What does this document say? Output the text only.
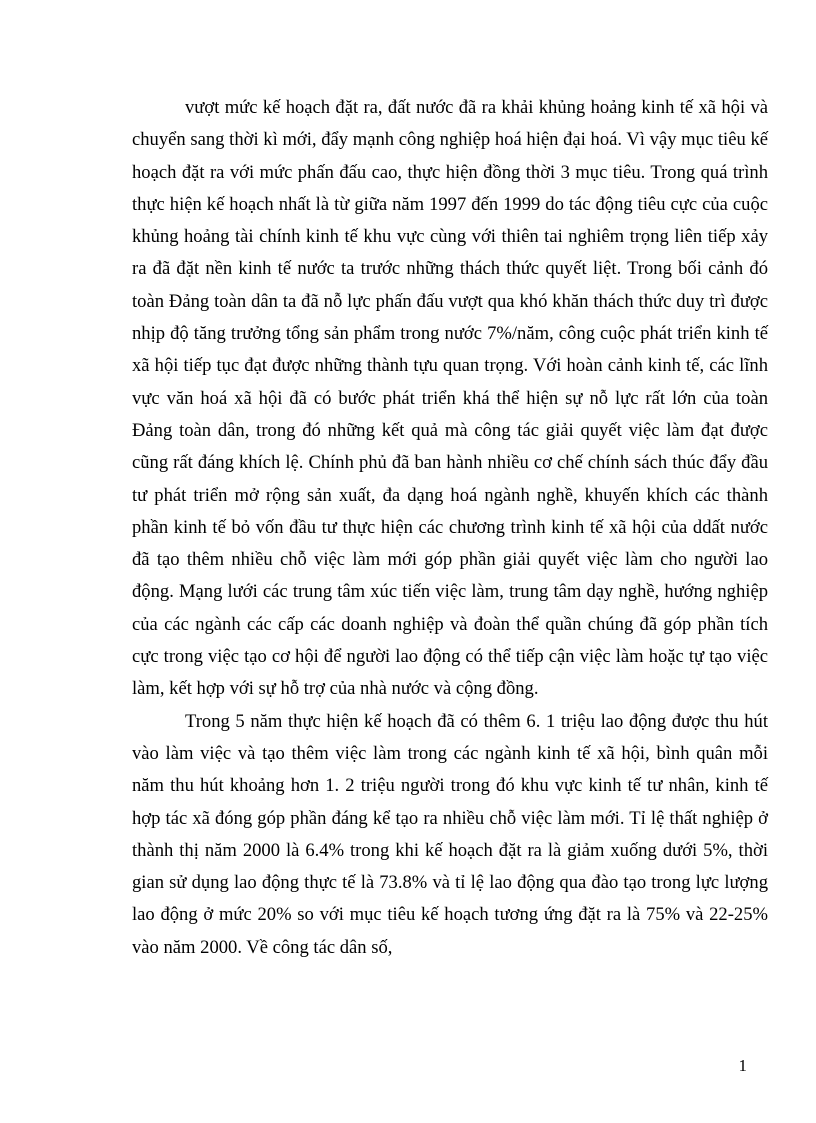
vượt mức kế hoạch đặt ra, đất nước đã ra khải khủng hoảng kinh tế xã hội và chuyển sang thời kì mới, đẩy mạnh công nghiệp hoá hiện đại hoá. Vì vậy mục tiêu kế hoạch đặt ra với mức phấn đấu cao, thực hiện đồng thời 3 mục tiêu. Trong quá trình thực hiện kế hoạch nhất là từ giữa năm 1997 đến 1999 do tác động tiêu cực của cuộc khủng hoảng tài chính kinh tế khu vực cùng với thiên tai nghiêm trọng liên tiếp xảy ra đã đặt nền kinh tế nước ta trước những thách thức quyết liệt. Trong bối cảnh đó toàn Đảng toàn dân ta đã nỗ lực phấn đấu vượt qua khó khăn thách thức duy trì được nhịp độ tăng trưởng tổng sản phẩm trong nước 7%/năm, công cuộc phát triển kinh tế xã hội tiếp tục đạt được những thành tựu quan trọng. Với hoàn cảnh kinh tế, các lĩnh vực văn hoá xã hội đã có bước phát triển khá thể hiện sự nỗ lực rất lớn của toàn Đảng toàn dân, trong đó những kết quả mà công tác giải quyết việc làm đạt được cũng rất đáng khích lệ. Chính phủ đã ban hành nhiều cơ chế chính sách thúc đẩy đầu tư phát triển mở rộng sản xuất, đa dạng hoá ngành nghề, khuyến khích các thành phần kinh tế bỏ vốn đầu tư thực hiện các chương trình kinh tế xã hội của ddất nước đã tạo thêm nhiều chỗ việc làm mới góp phần giải quyết việc làm cho người lao động. Mạng lưới các trung tâm xúc tiến việc làm, trung tâm dạy nghề, hướng nghiệp của các ngành các cấp các doanh nghiệp và đoàn thể quần chúng đã góp phần tích cực trong việc tạo cơ hội để người lao động có thể tiếp cận việc làm hoặc tự tạo việc làm, kết hợp với sự hỗ trợ của nhà nước và cộng đồng.

Trong 5 năm thực hiện kế hoạch đã có thêm 6. 1 triệu lao động được thu hút vào làm việc và tạo thêm việc làm trong các ngành kinh tế xã hội, bình quân mỗi năm thu hút khoảng hơn 1. 2 triệu người trong đó khu vực kinh tế tư nhân, kinh tế hợp tác xã đóng góp phần đáng kể tạo ra nhiều chỗ việc làm mới. Tỉ lệ thất nghiệp ở thành thị năm 2000 là 6.4% trong khi kế hoạch đặt ra là giảm xuống dưới 5%, thời gian sử dụng lao động thực tế là 73.8% và tỉ lệ lao động qua đào tạo trong lực lượng lao động ở mức 20% so với mục tiêu kế hoạch tương ứng đặt ra là 75% và 22-25% vào năm 2000. Về công tác dân số,

1
